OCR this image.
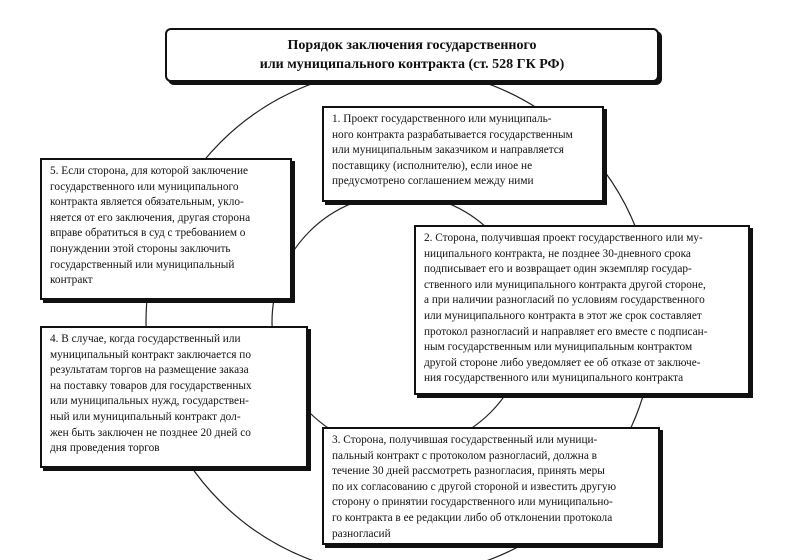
Порядок заключения государственного
или муниципального контракта (ст. 528 ГК РФ)
1. Проект государственного или муниципаль-
ного контракта разрабатывается государственным
или муниципальным заказчиком и направляется
поставщику (исполнителю), если иное не
предусмотрено соглашением между ними
2. Сторона, получившая проект государственного или му-
ниципального контракта, не позднее 30-дневного срока
подписывает его и возвращает один экземпляр государ-
ственного или муниципального контракта другой стороне,
а при наличии разногласий по условиям государственного
или муниципального контракта в этот же срок составляет
протокол разногласий и направляет его вместе с подписан-
ным государственным или муниципальным контрактом
другой стороне либо уведомляет ее об отказе от заключе-
ния государственного или муниципального контракта
3. Сторона, получившая государственный или муници-
пальный контракт с протоколом разногласий, должна в
течение 30 дней рассмотреть разногласия, принять меры
по их согласованию с другой стороной и известить другую
сторону о принятии государственного или муниципально-
го контракта в ее редакции либо об отклонении протокола
разногласий
4. В случае, когда государственный или
муниципальный контракт заключается по
результатам торгов на размещение заказа
на поставку товаров для государственных
или муниципальных нужд, государствен-
ный или муниципальный контракт дол-
жен быть заключен не позднее 20 дней со
дня проведения торгов
5. Если сторона, для которой заключение
государственного или муниципального
контракта является обязательным, укло-
няется от его заключения, другая сторона
вправе обратиться в суд с требованием о
понуждении этой стороны заключить
государственный или муниципальный
контракт
